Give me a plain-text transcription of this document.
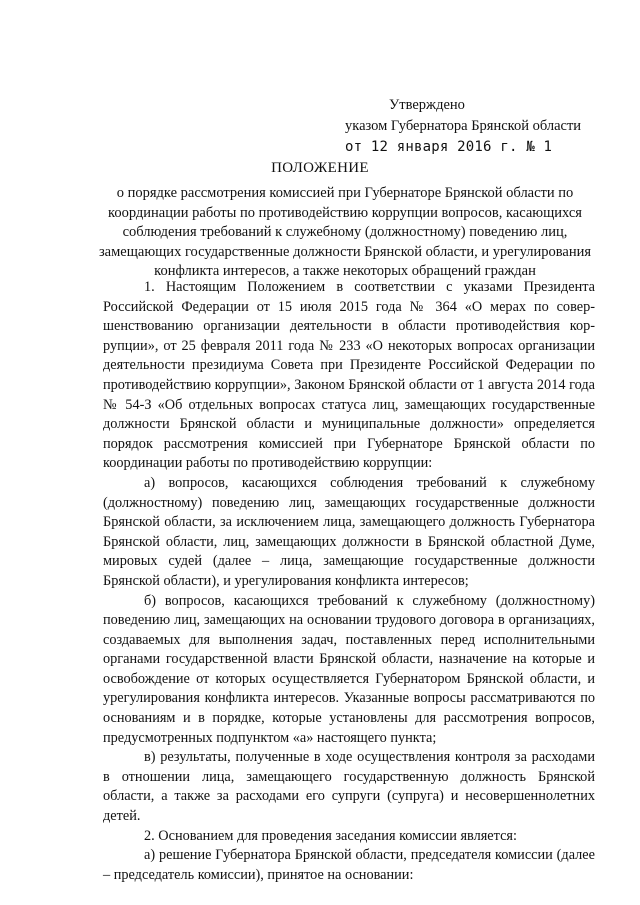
Утверждено
указом Губернатора Брянской области
от 12 января 2016 г. № 1
ПОЛОЖЕНИЕ
о порядке рассмотрения комиссией при Губернаторе Брянской области по координации работы по противодействию коррупции вопросов, касающихся соблюдения требований к служебному (должностному) поведению лиц, замещающих государственные должности Брянской области, и урегулирования конфликта интересов, а также некоторых обращений граждан

1. Настоящим Положением в соответствии с указами Президента Российской Федерации от 15 июля 2015 года № 364 «О мерах по совер-шенствованию организации деятельности в области противодействия кор-рупции», от 25 февраля 2011 года № 233 «О некоторых вопросах организации деятельности президиума Совета при Президенте Российской Федерации по противодействию коррупции», Законом Брянской области от 1 августа 2014 года № 54-З «Об отдельных вопросах статуса лиц, замещающих государственные должности Брянской области и муниципальные должности» определяется порядок рассмотрения комиссией при Губернаторе Брянской области по координации работы по противодействию коррупции:

а) вопросов, касающихся соблюдения требований к служебному (должностному) поведению лиц, замещающих государственные должности Брянской области, за исключением лица, замещающего должность Губернатора Брянской области, лиц, замещающих должности в Брянской областной Думе, мировых судей (далее – лица, замещающие государственные должности Брянской области), и урегулирования конфликта интересов;

б) вопросов, касающихся требований к служебному (должностному) поведению лиц, замещающих на основании трудового договора в организациях, создаваемых для выполнения задач, поставленных перед исполнительными органами государственной власти Брянской области, назначение на которые и освобождение от которых осуществляется Губернатором Брянской области, и урегулирования конфликта интересов. Указанные вопросы рассматриваются по основаниям и в порядке, которые установлены для рассмотрения вопросов, предусмотренных подпунктом «а» настоящего пункта;

в) результаты, полученные в ходе осуществления контроля за расходами в отношении лица, замещающего государственную должность Брянской области, а также за расходами его супруги (супруга) и несовершеннолетних детей.

2. Основанием для проведения заседания комиссии является:

а) решение Губернатора Брянской области, председателя комиссии (далее – председатель комиссии), принятое на основании:
